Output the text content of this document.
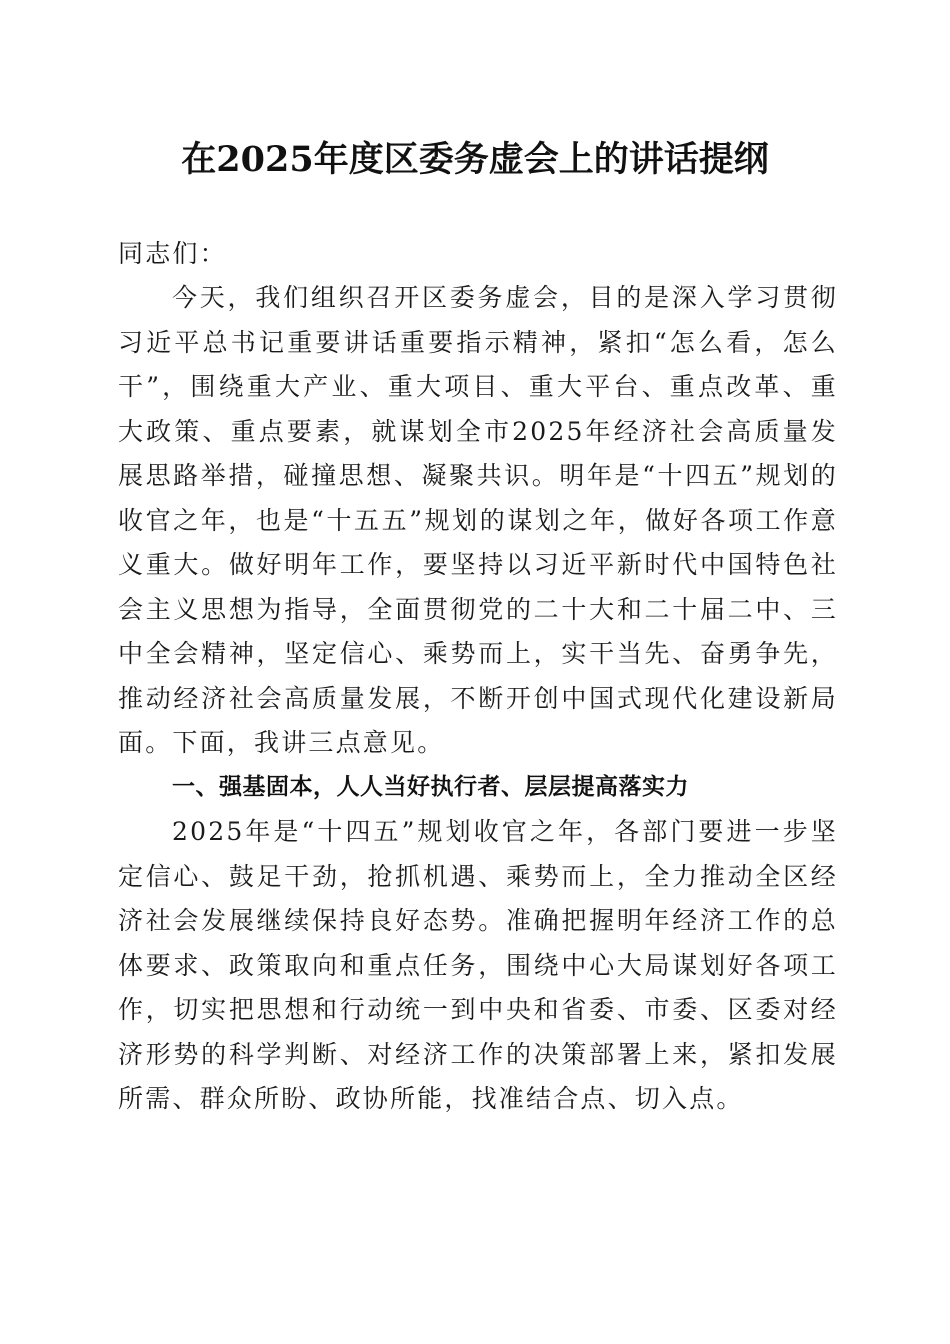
在2025年度区委务虚会上的讲话提纲

同志们：

今天，我们组织召开区委务虚会，目的是深入学习贯彻习近平总书记重要讲话重要指示精神，紧扣“怎么看，怎么干”，围绕重大产业、重大项目、重大平台、重点改革、重大政策、重点要素，就谋划全市2025年经济社会高质量发展思路举措，碰撞思想、凝聚共识。明年是“十四五”规划的收官之年，也是“十五五”规划的谋划之年，做好各项工作意义重大。做好明年工作，要坚持以习近平新时代中国特色社会主义思想为指导，全面贯彻党的二十大和二十届二中、三中全会精神，坚定信心、乘势而上，实干当先、奋勇争先，推动经济社会高质量发展，不断开创中国式现代化建设新局面。下面，我讲三点意见。

一、强基固本，人人当好执行者、层层提高落实力

2025年是“十四五”规划收官之年，各部门要进一步坚定信心、鼓足干劲，抢抓机遇、乘势而上，全力推动全区经济社会发展继续保持良好态势。准确把握明年经济工作的总体要求、政策取向和重点任务，围绕中心大局谋划好各项工作，切实把思想和行动统一到中央和省委、市委、区委对经济形势的科学判断、对经济工作的决策部署上来，紧扣发展所需、群众所盼、政协所能，找准结合点、切入点。
